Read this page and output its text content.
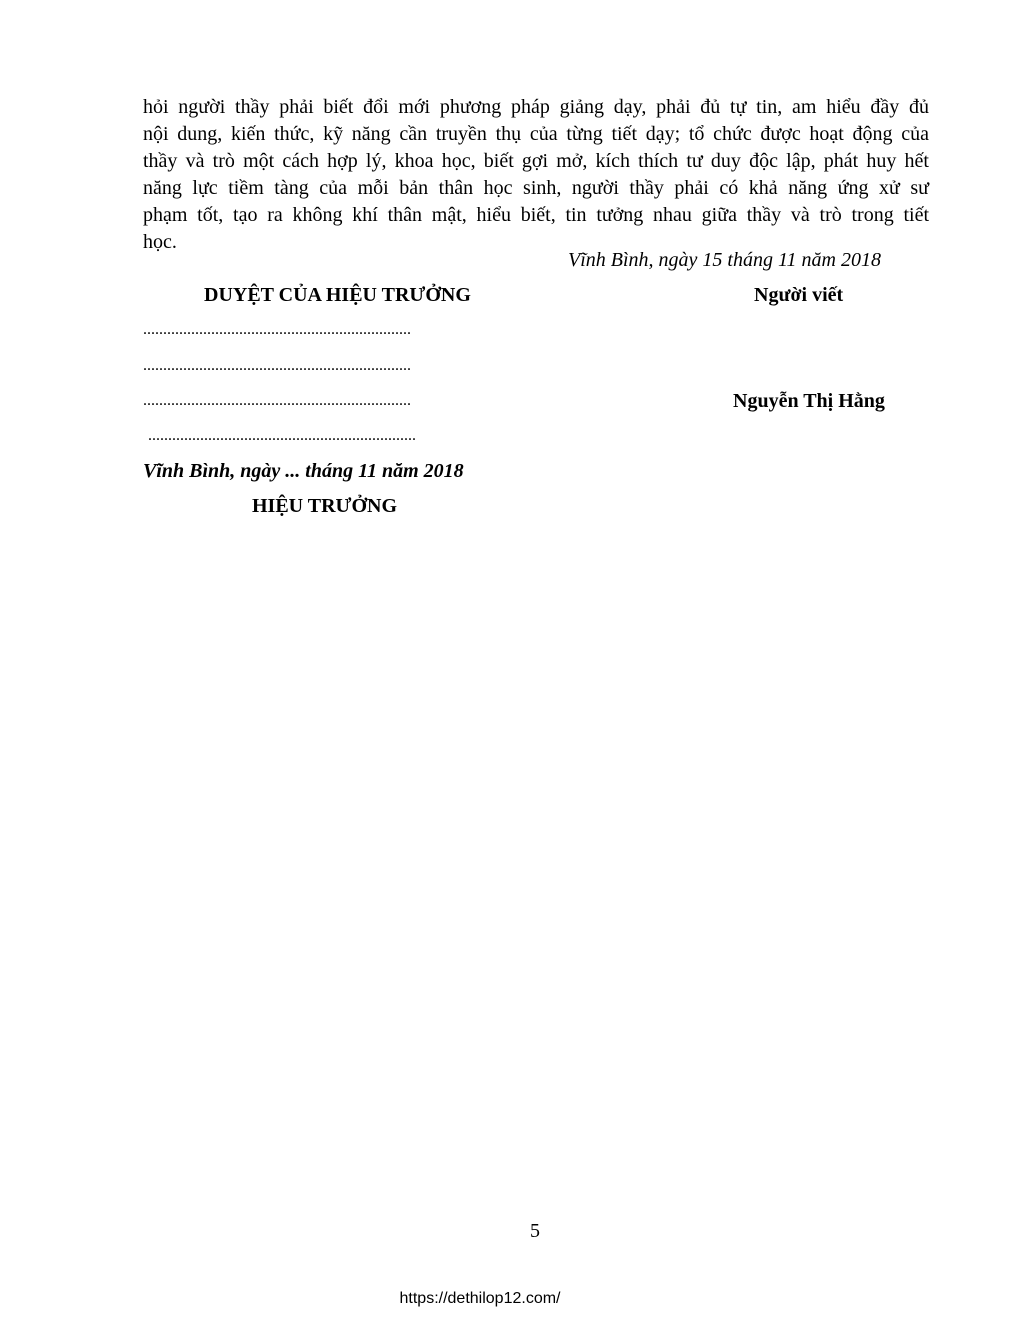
hỏi người thầy phải biết đổi mới phương pháp giảng dạy, phải đủ tự tin, am hiểu đầy đủ
nội dung, kiến thức, kỹ năng cần truyền thụ của từng tiết dạy; tổ chức được hoạt động của
thầy và trò một cách hợp lý, khoa học, biết gợi mở, kích thích tư duy độc lập, phát huy hết
năng lực tiềm tàng của mỗi bản thân học sinh, người thầy phải có khả năng ứng xử sư
phạm tốt, tạo ra không khí thân mật, hiểu biết, tin tưởng nhau giữa thầy và trò trong tiết
học.
Vĩnh Bình, ngày 15 tháng 11 năm 2018
DUYỆT CỦA HIỆU TRƯỞNG	Người viết
...................................................................
...................................................................
...................................................................
...................................................................
Nguyễn Thị Hằng
Vĩnh Bình, ngày ... tháng 11 năm 2018
HIỆU TRƯỞNG
5
https://dethilop12.com/
